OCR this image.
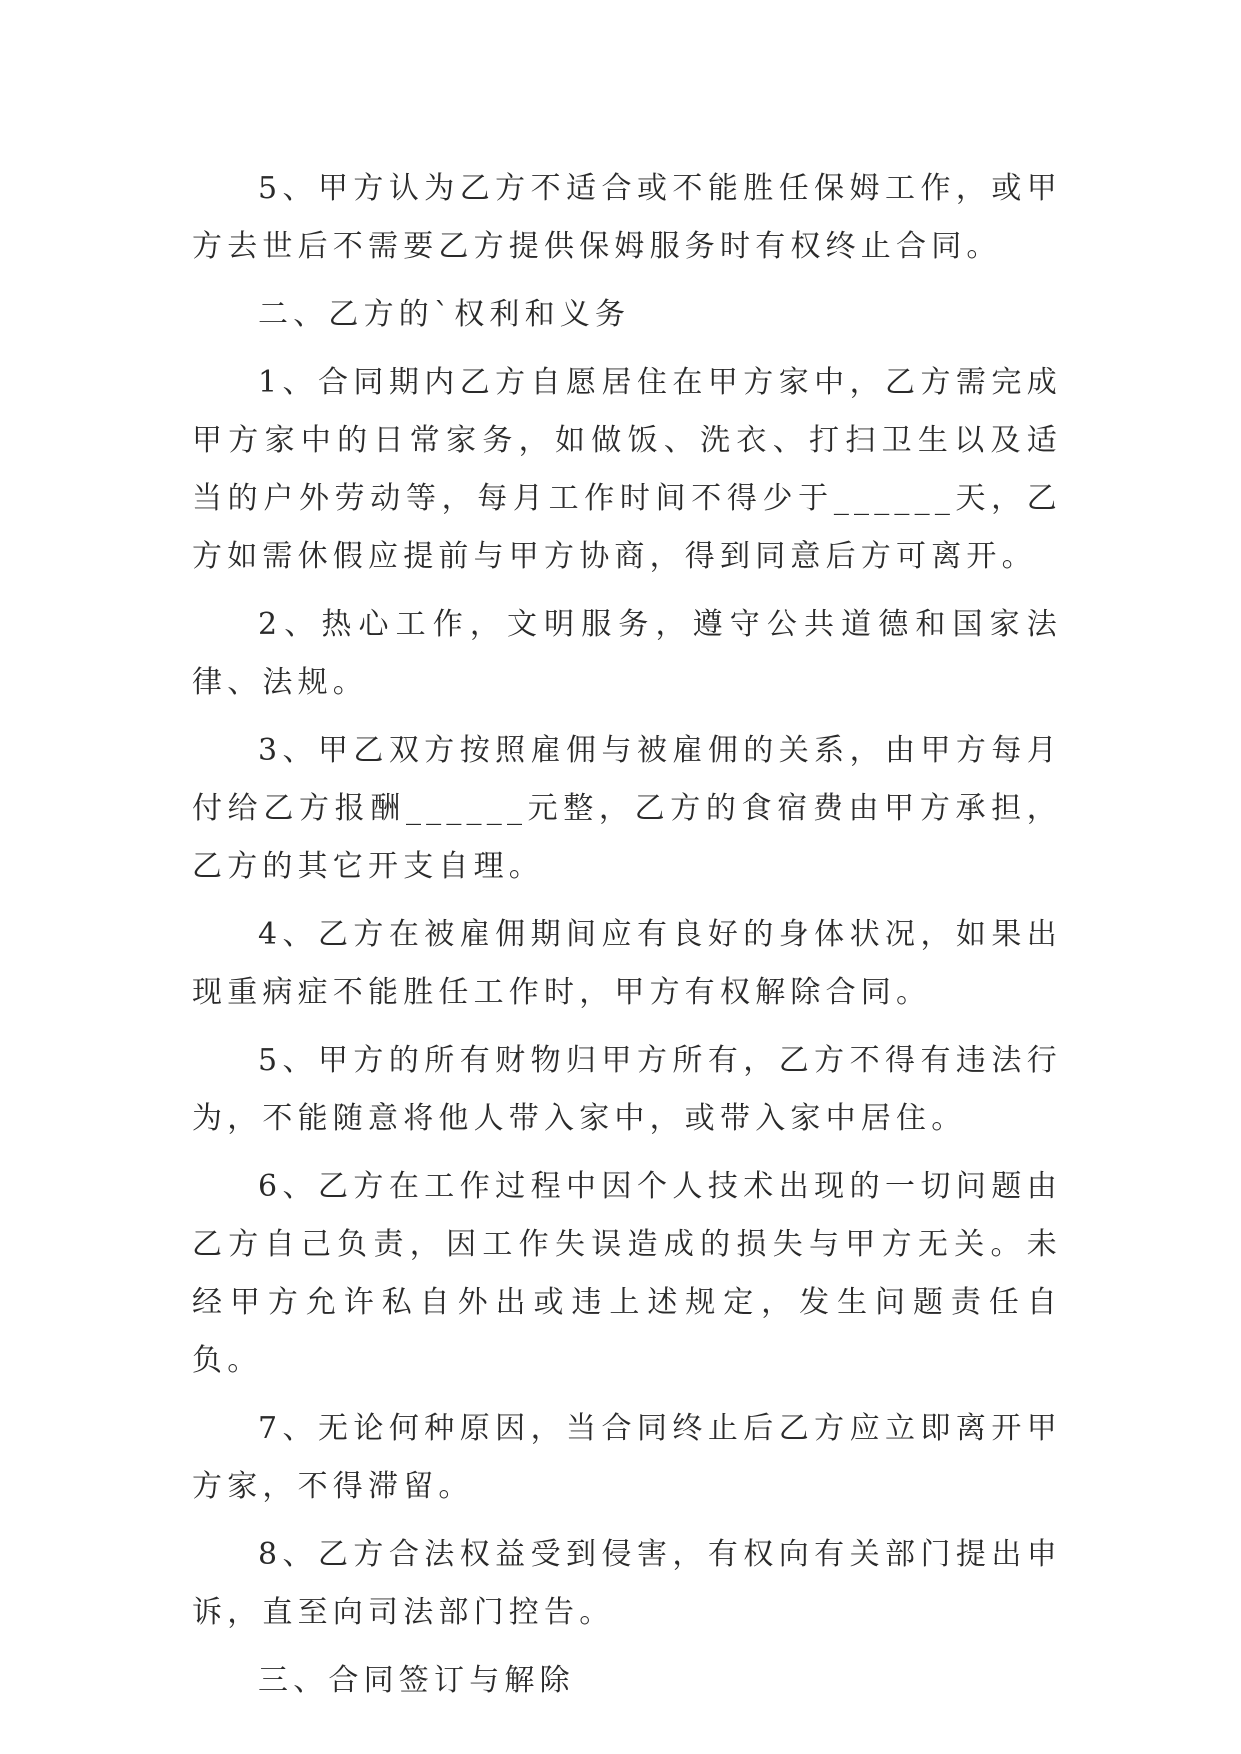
5、甲方认为乙方不适合或不能胜任保姆工作，或甲方去世后不需要乙方提供保姆服务时有权终止合同。

二、乙方的`权利和义务

1、合同期内乙方自愿居住在甲方家中，乙方需完成甲方家中的日常家务，如做饭、洗衣、打扫卫生以及适当的户外劳动等，每月工作时间不得少于______天，乙方如需休假应提前与甲方协商，得到同意后方可离开。

2、热心工作，文明服务，遵守公共道德和国家法律、法规。

3、甲乙双方按照雇佣与被雇佣的关系，由甲方每月付给乙方报酬______元整，乙方的食宿费由甲方承担，乙方的其它开支自理。

4、乙方在被雇佣期间应有良好的身体状况，如果出现重病症不能胜任工作时，甲方有权解除合同。

5、甲方的所有财物归甲方所有，乙方不得有违法行为，不能随意将他人带入家中，或带入家中居住。

6、乙方在工作过程中因个人技术出现的一切问题由乙方自己负责，因工作失误造成的损失与甲方无关。未经甲方允许私自外出或违上述规定，发生问题责任自负。

7、无论何种原因，当合同终止后乙方应立即离开甲方家，不得滞留。

8、乙方合法权益受到侵害，有权向有关部门提出申诉，直至向司法部门控告。

三、合同签订与解除
